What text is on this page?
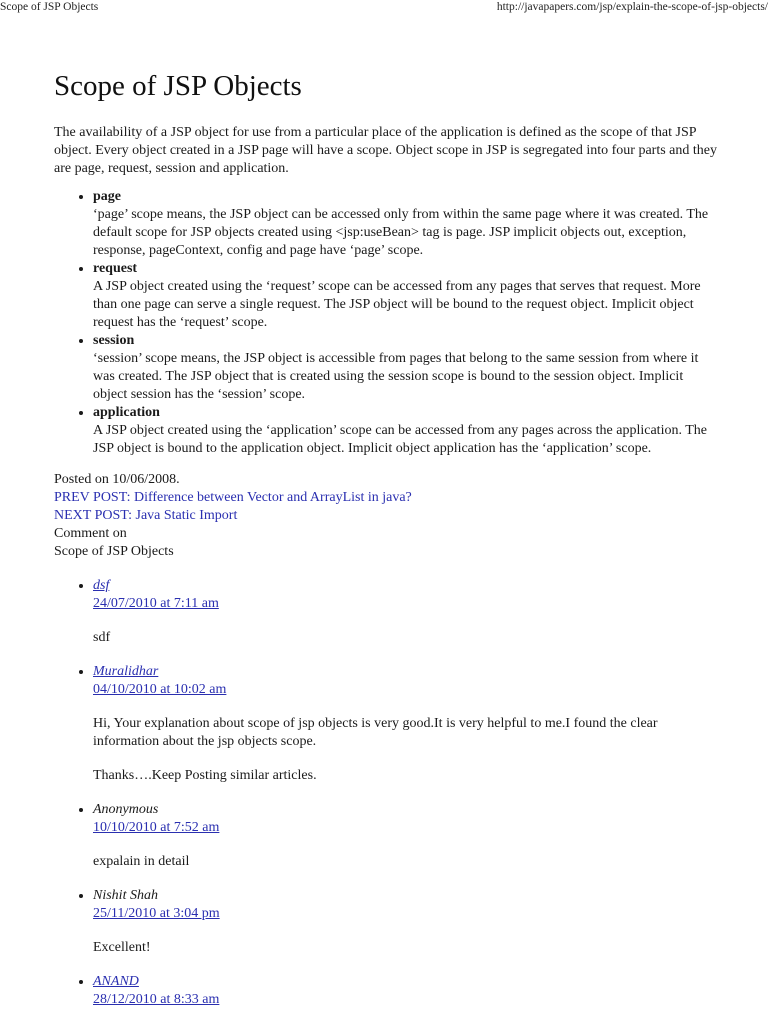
Scope of JSP Objects	http://javapapers.com/jsp/explain-the-scope-of-jsp-objects/
Scope of JSP Objects

The availability of a JSP object for use from a particular place of the application is defined as the scope of that JSP object. Every object created in a JSP page will have a scope. Object scope in JSP is segregated into four parts and they are page, request, session and application.

• page
‘page’ scope means, the JSP object can be accessed only from within the same page where it was created. The default scope for JSP objects created using <jsp:useBean> tag is page. JSP implicit objects out, exception, response, pageContext, config and page have ‘page’ scope.
• request
A JSP object created using the ‘request’ scope can be accessed from any pages that serves that request. More than one page can serve a single request. The JSP object will be bound to the request object. Implicit object request has the ‘request’ scope.
• session
‘session’ scope means, the JSP object is accessible from pages that belong to the same session from where it was created. The JSP object that is created using the session scope is bound to the session object. Implicit object session has the ‘session’ scope.
• application
A JSP object created using the ‘application’ scope can be accessed from any pages across the application. The JSP object is bound to the application object. Implicit object application has the ‘application’ scope.
Posted on 10/06/2008.
PREV POST: Difference between Vector and ArrayList in java?
NEXT POST: Java Static Import
Comment on
Scope of JSP Objects
• dsf
24/07/2010 at 7:11 am

sdf

• Muralidhar
04/10/2010 at 10:02 am

Hi, Your explanation about scope of jsp objects is very good.It is very helpful to me.I found the clear information about the jsp objects scope.

Thanks….Keep Posting similar articles.

• Anonymous
10/10/2010 at 7:52 am

expalain in detail

• Nishit Shah
25/11/2010 at 3:04 pm

Excellent!

• ANAND
28/12/2010 at 8:33 am
